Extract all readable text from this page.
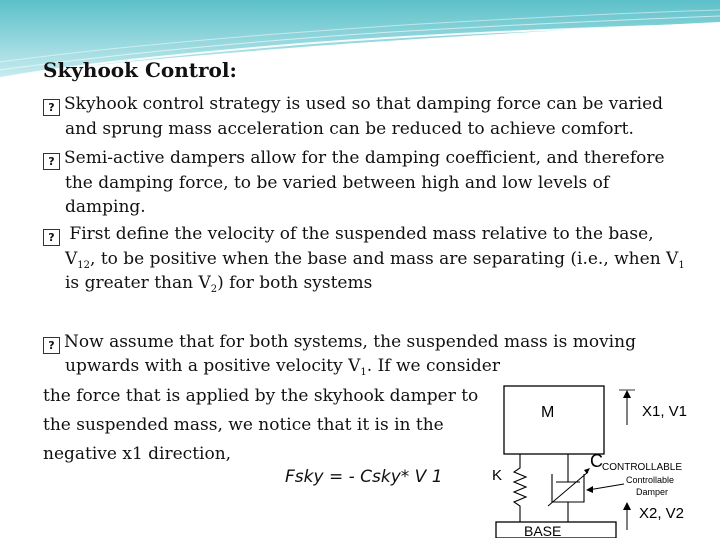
Skyhook Control:
? Skyhook control strategy is used so that damping force can be varied
and sprung mass acceleration can be reduced to achieve comfort.
? Semi-active dampers allow for the damping coefficient, and therefore
the damping force, to be varied between high and low levels of
damping.
? First define the velocity of the suspended mass relative to the base,
$V_{12}$, to be positive when the base and mass are separating (i.e., when $V_1$
is greater than $V_2$) for both systems
? Now assume that for both systems, the suspended mass is moving
upwards with a positive velocity $V_1$. If we consider
the force that is applied by the skyhook damper to
the suspended mass, we notice that it is in the
negative x1 direction,
Fsky = - Csky* V 1
M	X1, V1
K
C CONTROLLABLE
Controllable
Damper
BASE
X2, V2
